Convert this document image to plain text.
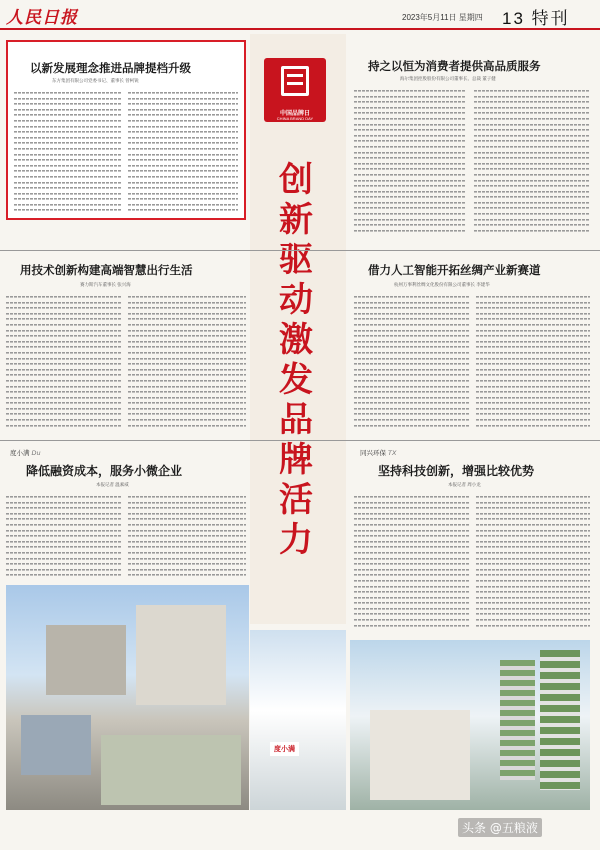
人民日报	2023年5月11日 星期四 13 特刊
以新发展理念推进品牌提档升级
东方集团有限公司党委书记、董事长 曾柯锐
中国品牌日
CHINA BRAND DAY
创新驱动 激发品牌活力
持之以恒为消费者提供高品质服务
海尔集团控股股份有限公司董事长、总裁 董子健
用技术创新构建高端智慧出行生活
赛力斯汽车董事长 张兴海
借力人工智能开拓丝绸产业新赛道
杭州万事利丝绸文化股份有限公司董事长 李建华
度小满 Du
降低融资成本，服务小微企业
本报记者 温素威
同兴环保 TX
坚持科技创新，增强比较优势
本报记者 周小龙
度小满
头条 @五粮液
